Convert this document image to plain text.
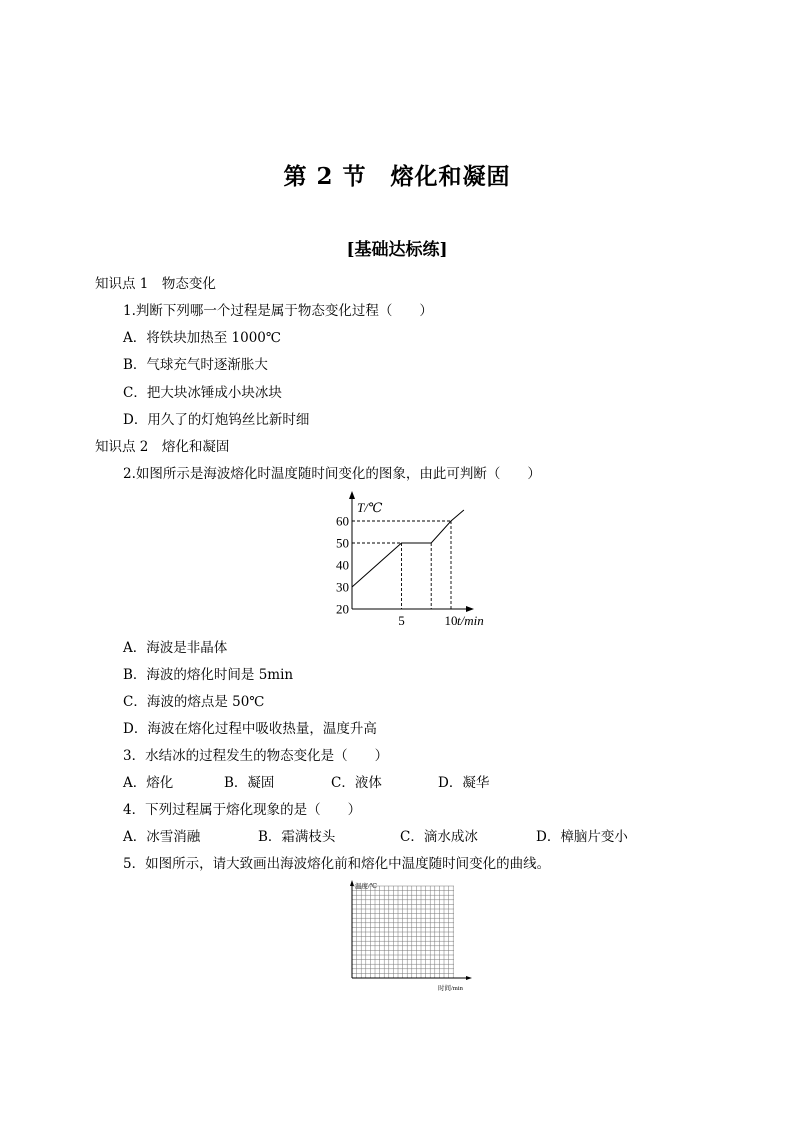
第 2 节　熔化和凝固
[基础达标练]
知识点 1　物态变化
1.判断下列哪一个过程是属于物态变化过程（　　）
A．将铁块加热至 1000℃
B．气球充气时逐渐胀大
C．把大块冰锤成小块冰块
D．用久了的灯炮钨丝比新时细
知识点 2　熔化和凝固
2.如图所示是海波熔化时温度随时间变化的图象，由此可判断（　　）
20
30
40
50
60
5	10
T/℃
t/min
A．海波是非晶体
B．海波的熔化时间是 5min
C．海波的熔点是 50℃
D．海波在熔化过程中吸收热量，温度升高
3．水结冰的过程发生的物态变化是（　　）
A．熔化	B．凝固	C．液体	D．凝华
4．下列过程属于熔化现象的是（　　）
A．冰雪消融	B．霜满枝头	C．滴水成冰	D．樟脑片变小
5．如图所示，请大致画出海波熔化前和熔化中温度随时间变化的曲线。
温度/℃
时间/min
